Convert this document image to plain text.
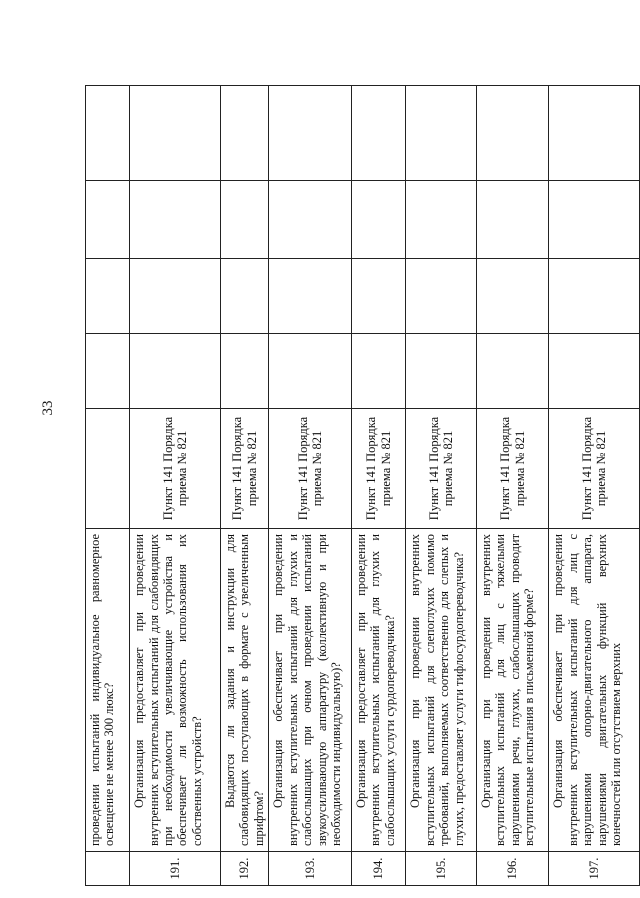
33
	проведении испытаний индивидуальное равномерное освещение не менее 300 люкс?					
191.	Организация предоставляет при проведении внутренних вступительных испытаний для слабовидящих при необходимости увеличивающие устройства и обеспечивает ли возможность использования их собственных устройств?	Пункт 141 Порядка приема № 821				
192.	Выдаются ли задания и инструкции для слабовидящих поступающих в формате с увеличенным шрифтом?	Пункт 141 Порядка приема № 821				
193.	Организация обеспечивает при проведении внутренних вступительных испытаний для глухих и слабослышащих при очном проведении испытаний звукоусиливающую аппаратуру (коллективную и при необходимости индивидуальную)?	Пункт 141 Порядка приема № 821				
194.	Организация предоставляет при проведении внутренних вступительных испытаний для глухих и слабослышащих услуги сурдопереводчика?	Пункт 141 Порядка приема № 821				
195.	Организация при проведении внутренних вступительных испытаний для слепоглухих помимо требований, выполняемых соответственно для слепых и глухих, предоставляет услуги тифлосурдопереводчика?	Пункт 141 Порядка приема № 821				
196.	Организация при проведении внутренних вступительных испытаний для лиц с тяжелыми нарушениями речи, глухих, слабослышащих проводит вступительные испытания в письменной форме?	Пункт 141 Порядка приема № 821				
197.	Организация обеспечивает при проведении внутренних вступительных испытаний для лиц с нарушениями опорно-двигательного аппарата, нарушениями двигательных функций верхних конечностей или отсутствием верхних	Пункт 141 Порядка приема № 821				
